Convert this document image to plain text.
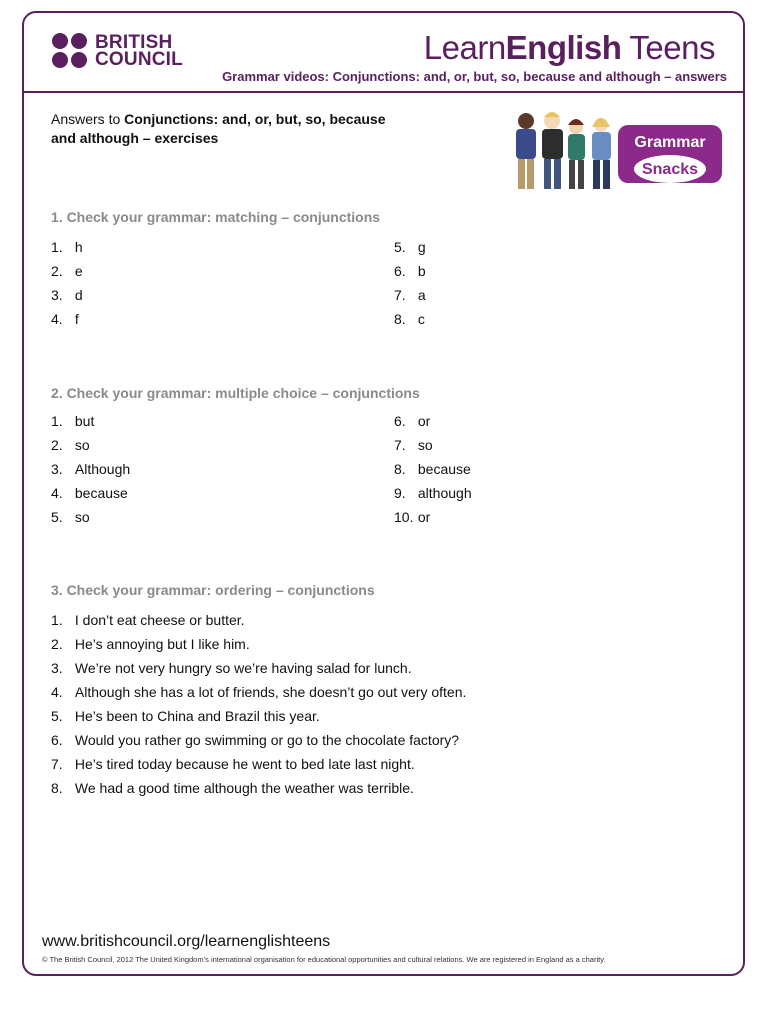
BRITISH
COUNCIL	LearnEnglish Teens
Grammar videos: Conjunctions: and, or, but, so, because and although – answers
Answers to Conjunctions: and, or, but, so, because and although – exercises	Grammar
Snacks
1. Check your grammar: matching – conjunctions
1.
h
2.
e
3.
d
4.
f
5.
g
6.
b
7.
a
8.
c
2. Check your grammar: multiple choice – conjunctions
1.
but
2.
so
3.
Although
4.
because
5.
so
6.
or
7.
so
8.
because
9.
although
10.
or
3. Check your grammar: ordering – conjunctions
1.
I don’t eat cheese or butter.
2.
He’s annoying but I like him.
3.
We’re not very hungry so we’re having salad for lunch.
4.
Although she has a lot of friends, she doesn’t go out very often.
5.
He’s been to China and Brazil this year.
6.
Would you rather go swimming or go to the chocolate factory?
7.
He’s tired today because he went to bed late last night.
8.
We had a good time although the weather was terrible.
www.britishcouncil.org/learnenglishteens
© The British Council, 2012 The United Kingdom’s international organisation for educational opportunities and cultural relations. We are registered in England as a charity.
